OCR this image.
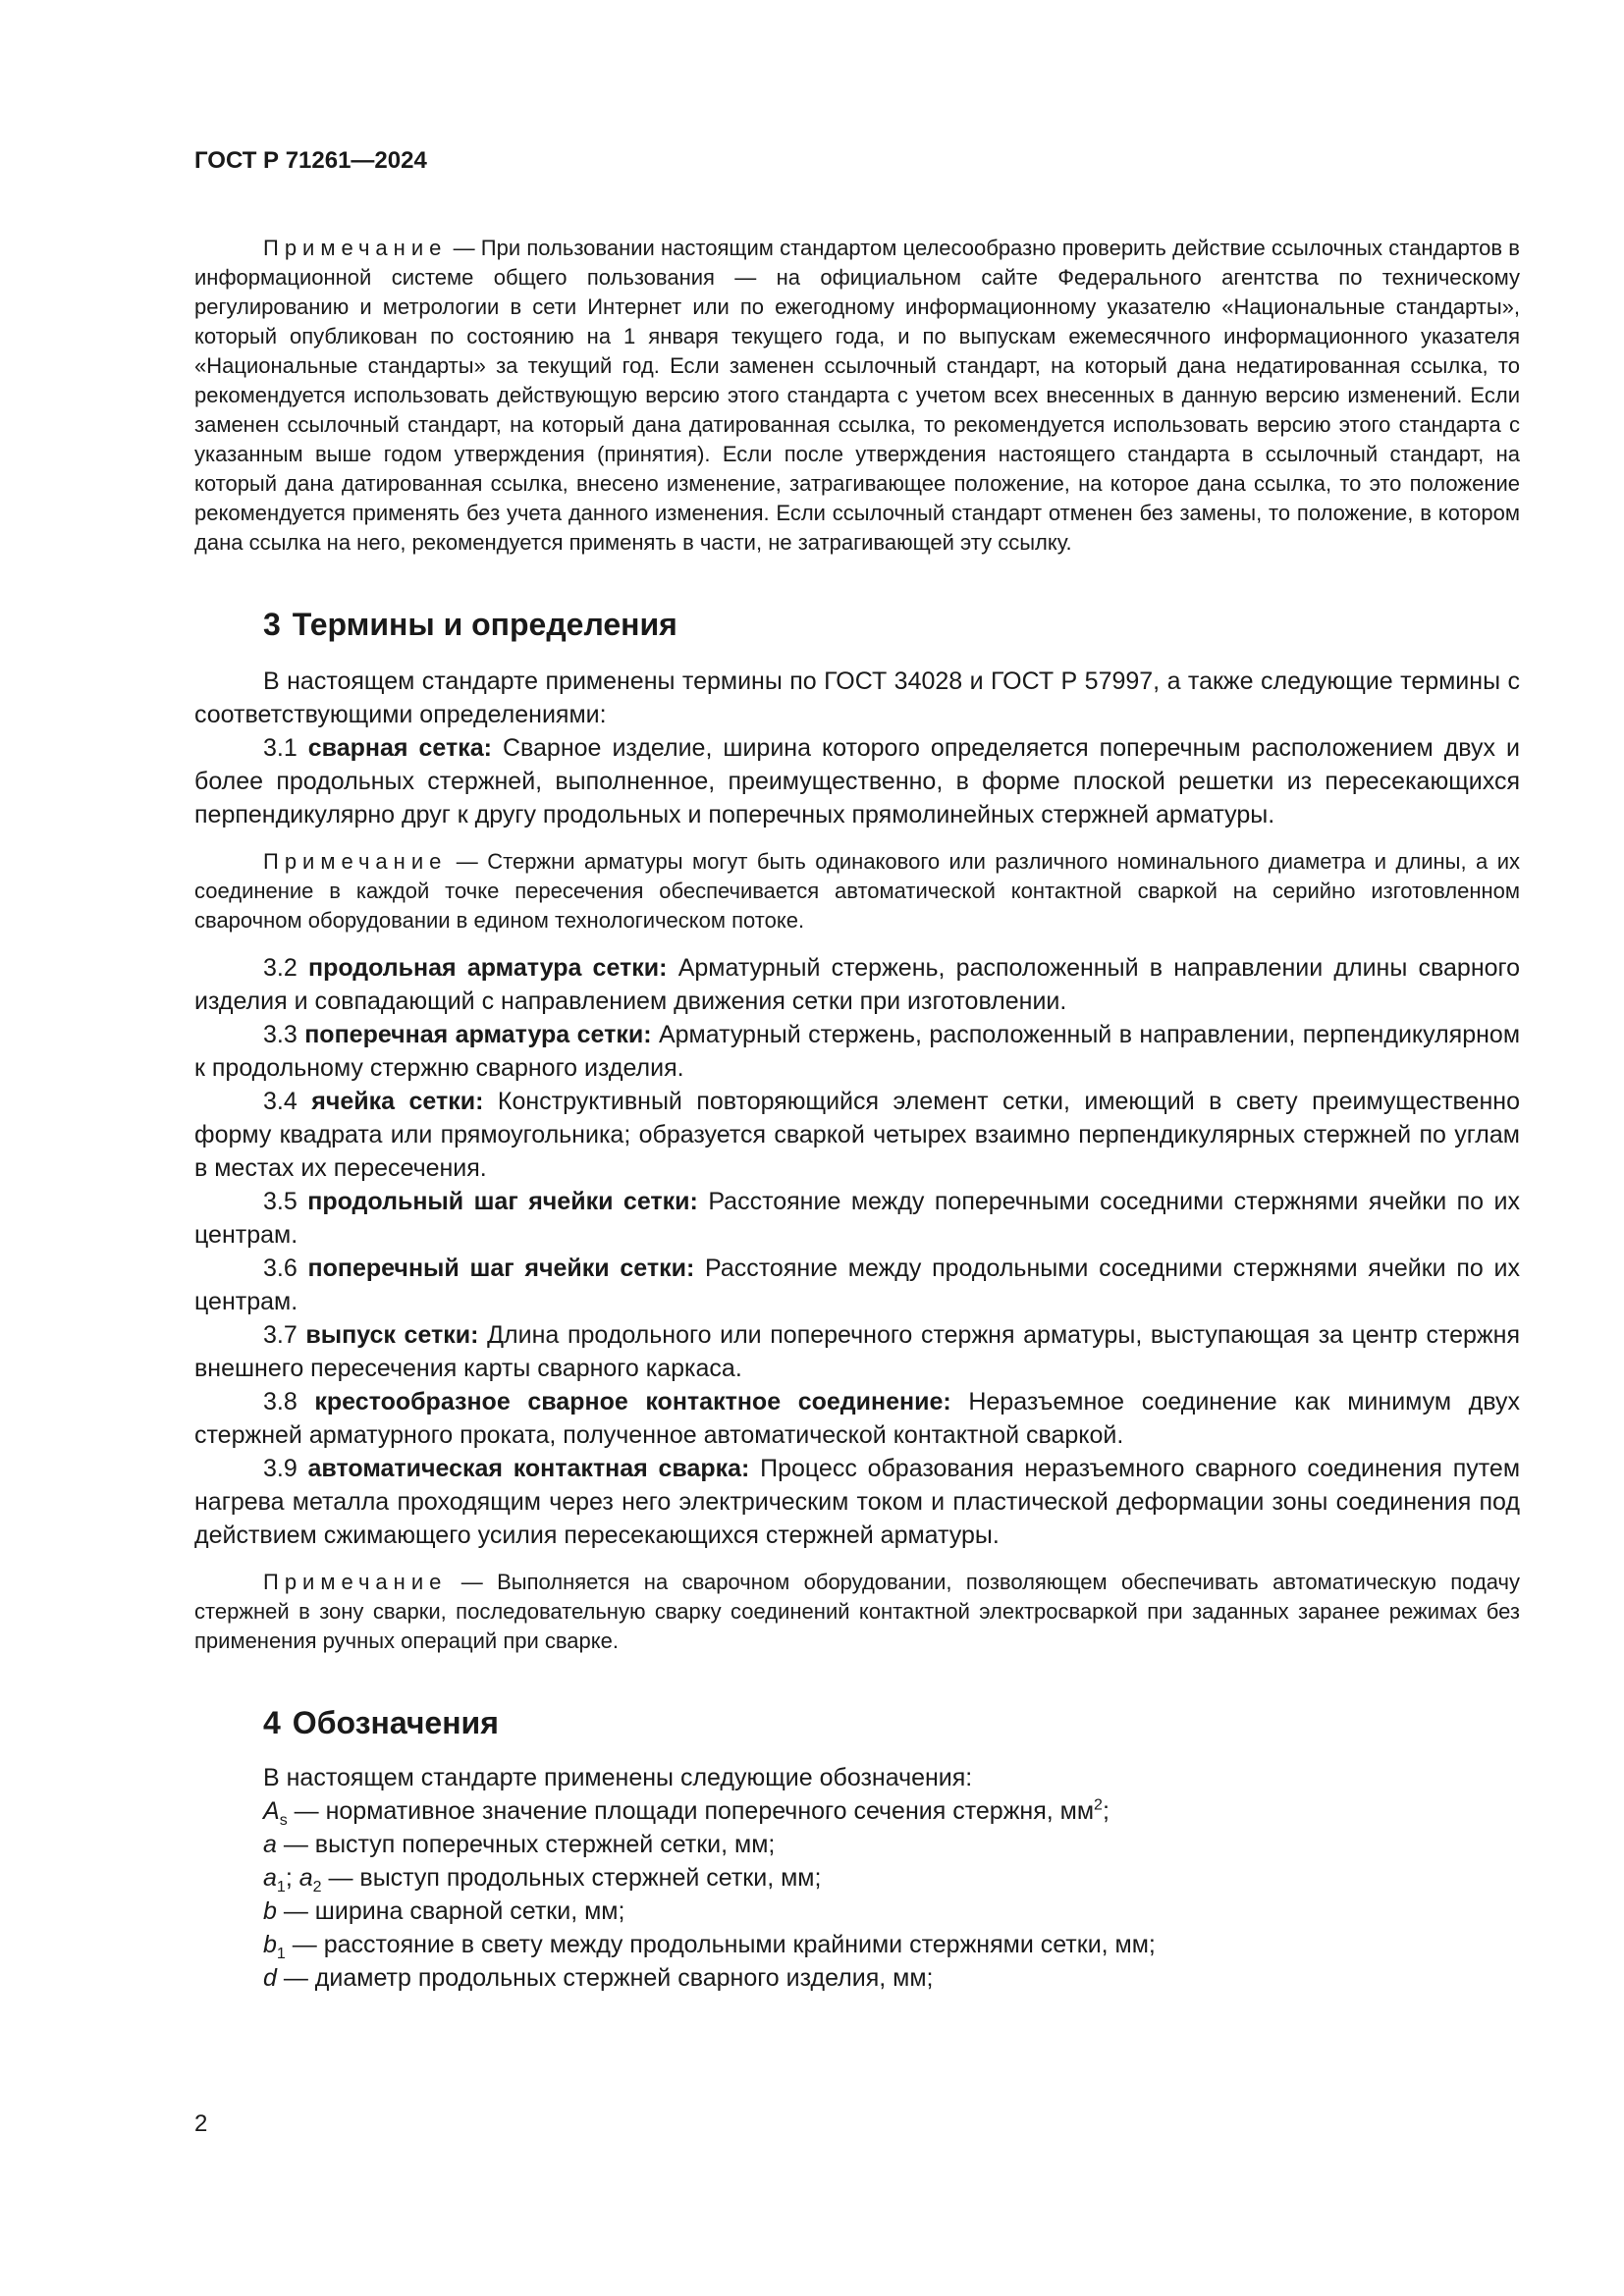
ГОСТ Р 71261—2024

Примечание — При пользовании настоящим стандартом целесообразно проверить действие ссылочных стандартов в информационной системе общего пользования — на официальном сайте Федерального агентства по техническому регулированию и метрологии в сети Интернет или по ежегодному информационному указателю «Национальные стандарты», который опубликован по состоянию на 1 января текущего года, и по выпускам ежемесячного информационного указателя «Национальные стандарты» за текущий год. Если заменен ссылочный стандарт, на который дана недатированная ссылка, то рекомендуется использовать действующую версию этого стандарта с учетом всех внесенных в данную версию изменений. Если заменен ссылочный стандарт, на который дана датированная ссылка, то рекомендуется использовать версию этого стандарта с указанным выше годом утверждения (принятия). Если после утверждения настоящего стандарта в ссылочный стандарт, на который дана датированная ссылка, внесено изменение, затрагивающее положение, на которое дана ссылка, то это положение рекомендуется применять без учета данного изменения. Если ссылочный стандарт отменен без замены, то положение, в котором дана ссылка на него, рекомендуется применять в части, не затрагивающей эту ссылку.

3 Термины и определения

В настоящем стандарте применены термины по ГОСТ 34028 и ГОСТ Р 57997, а также следующие термины с соответствующими определениями:

3.1 сварная сетка: Сварное изделие, ширина которого определяется поперечным расположением двух и более продольных стержней, выполненное, преимущественно, в форме плоской решетки из пересекающихся перпендикулярно друг к другу продольных и поперечных прямолинейных стержней арматуры.

Примечание — Стержни арматуры могут быть одинакового или различного номинального диаметра и длины, а их соединение в каждой точке пересечения обеспечивается автоматической контактной сваркой на серийно изготовленном сварочном оборудовании в едином технологическом потоке.

3.2 продольная арматура сетки: Арматурный стержень, расположенный в направлении длины сварного изделия и совпадающий с направлением движения сетки при изготовлении.

3.3 поперечная арматура сетки: Арматурный стержень, расположенный в направлении, перпендикулярном к продольному стержню сварного изделия.

3.4 ячейка сетки: Конструктивный повторяющийся элемент сетки, имеющий в свету преимущественно форму квадрата или прямоугольника; образуется сваркой четырех взаимно перпендикулярных стержней по углам в местах их пересечения.

3.5 продольный шаг ячейки сетки: Расстояние между поперечными соседними стержнями ячейки по их центрам.

3.6 поперечный шаг ячейки сетки: Расстояние между продольными соседними стержнями ячейки по их центрам.

3.7 выпуск сетки: Длина продольного или поперечного стержня арматуры, выступающая за центр стержня внешнего пересечения карты сварного каркаса.

3.8 крестообразное сварное контактное соединение: Неразъемное соединение как минимум двух стержней арматурного проката, полученное автоматической контактной сваркой.

3.9 автоматическая контактная сварка: Процесс образования неразъемного сварного соединения путем нагрева металла проходящим через него электрическим током и пластической деформации зоны соединения под действием сжимающего усилия пересекающихся стержней арматуры.

Примечание — Выполняется на сварочном оборудовании, позволяющем обеспечивать автоматическую подачу стержней в зону сварки, последовательную сварку соединений контактной электросваркой при заданных заранее режимах без применения ручных операций при сварке.

4 Обозначения

В настоящем стандарте применены следующие обозначения:

$A_s$ — нормативное значение площади поперечного сечения стержня, $мм^2$;

a — выступ поперечных стержней сетки, мм;

$a_1$; $a_2$ — выступ продольных стержней сетки, мм;

b — ширина сварной сетки, мм;

$b_1$ — расстояние в свету между продольными крайними стержнями сетки, мм;

d — диаметр продольных стержней сварного изделия, мм;

2
